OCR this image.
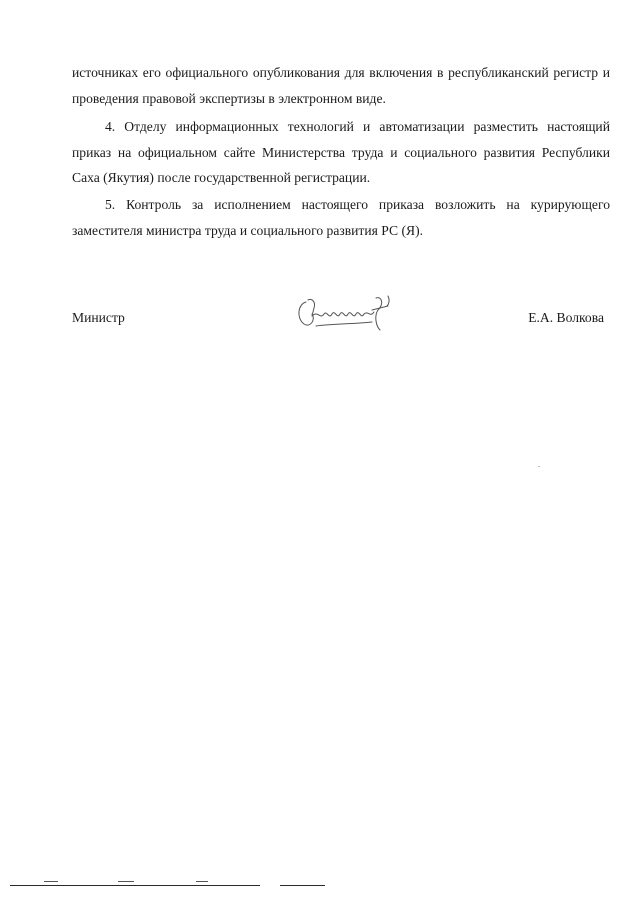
источниках его официального опубликования для включения в республиканский регистр и проведения правовой экспертизы в электронном виде.

4. Отделу информационных технологий и автоматизации разместить настоящий приказ на официальном сайте Министерства труда и социального развития Республики Саха (Якутия) после государственной регистрации.

5. Контроль за исполнением настоящего приказа возложить на курирующего заместителя министра труда и социального развития РС (Я).

Министр	Е.А. Волкова
